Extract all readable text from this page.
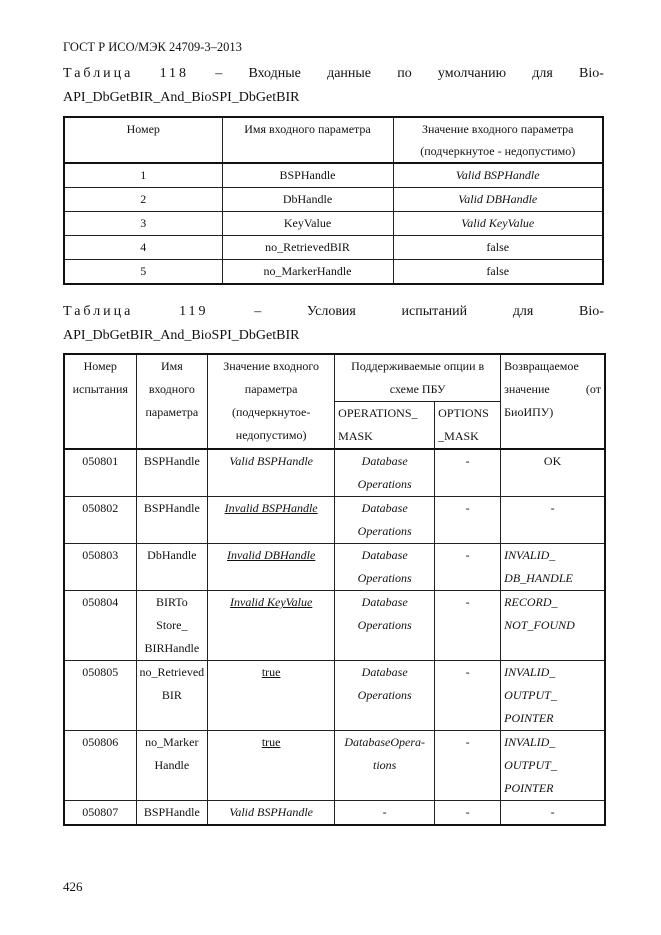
ГОСТ Р ИСО/МЭК 24709-3–2013
Таблица 118 – Входные данные по умолчанию для Bio-
API_DbGetBIR_And_BioSPI_DbGetBIR
Номер	Имя входного параметра	Значение входного параметра (подчеркнутое - недопустимо)
1	BSPHandle	Valid BSPHandle
2	DbHandle	Valid DBHandle
3	KeyValue	Valid KeyValue
4	no_RetrievedBIR	false
5	no_MarkerHandle	false
Таблица	119	–	Условия	испытаний	для	Bio-
API_DbGetBIR_And_BioSPI_DbGetBIR
Номер испытания	Имя входного параметра	Значение входного параметра (подчеркнутое-недопустимо)	Поддерживаемые опции в схеме ПБУ		Возвращаемое
значение (от
БиоИПУ)

			OPERATIONS_ MASK	OPTIONS _MASK	
050801	BSPHandle	Valid BSPHandle	Database Operations	-	OK
050802	BSPHandle	Invalid BSPHandle	Database Operations	-	-
050803	DbHandle	Invalid DBHandle	Database Operations	-	INVALID_ DB_HANDLE
050804	BIRTo Store_ BIRHandle	Invalid KeyValue	Database Operations	-	RECORD_ NOT_FOUND
050805	no_Retrieved BIR	true	Database Operations	-	INVALID_ OUTPUT_ POINTER
050806	no_Marker Handle	true	DatabaseOpera- tions	-	INVALID_ OUTPUT_ POINTER
050807	BSPHandle	Valid BSPHandle	-	-	-
426
